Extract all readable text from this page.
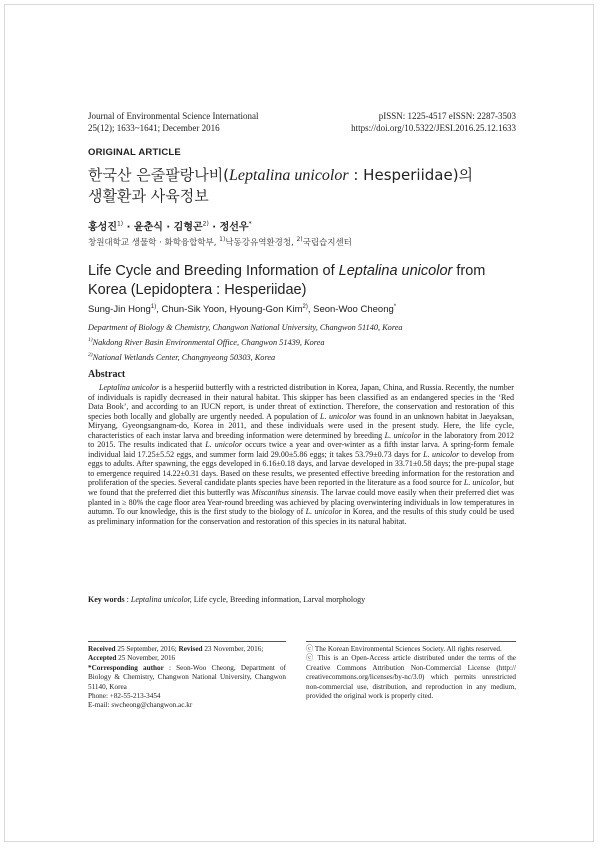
Journal of Environmental Science International
25(12); 1633~1641; December 2016
pISSN: 1225-4517 eISSN: 2287-3503
https://doi.org/10.5322/JESI.2016.25.12.1633
ORIGINAL ARTICLE
한국산 은줄팔랑나비(Leptalina unicolor : Hesperiidae)의
생활환과 사육정보
홍성진$^{1)}$ · 윤춘식 · 김형곤$^{2)}$ · 정선우*
창원대학교 생물학 · 화학융합학부, $^{1)}$낙동강유역환경청, $^{2)}$국립습지센터
Life Cycle and Breeding Information of Leptalina unicolor from
Korea (Lepidoptera : Hesperiidae)
Sung-Jin Hong$^{1)}$, Chun-Sik Yoon, Hyoung-Gon Kim$^{2)}$, Seon-Woo Cheong*
Department of Biology & Chemistry, Changwon National University, Changwon 51140, Korea
$^{1)}$Nakdong River Basin Environmental Office, Changwon 51439, Korea
$^{2)}$National Wetlands Center, Changnyeong 50303, Korea
Abstract

Leptalina unicolor is a hesperiid butterfly with a restricted distribution in Korea, Japan, China, and Russia. Recently, the number of individuals is rapidly decreased in their natural habitat. This skipper has been classified as an endangered species in the ‘Red Data Book’, and according to an IUCN report, is under threat of extinction. Therefore, the conservation and restoration of this species both locally and globally are urgently needed. A population of L. unicolor was found in an unknown habitat in Jaeyaksan, Miryang, Gyeongsangnam-do, Korea in 2011, and these individuals were used in the present study. Here, the life cycle, characteristics of each instar larva and breeding information were determined by breeding L. unicolor in the laboratory from 2012 to 2015. The results indicated that L. unicolor occurs twice a year and over-winter as a fifth instar larva. A spring-form female individual laid 17.25±5.52 eggs, and summer form laid 29.00±5.86 eggs; it takes 53.79±0.73 days for L. unicolor to develop from eggs to adults. After spawning, the eggs developed in 6.16±0.18 days, and larvae developed in 33.71±0.58 days; the pre-pupal stage to emergence required 14.22±0.31 days. Based on these results, we presented effective breeding information for the restoration and proliferation of the species. Several candidate plants species have been reported in the literature as a food source for L. unicolor, but we found that the preferred diet this butterfly was Miscanthus sinensis. The larvae could move easily when their preferred diet was planted in ≥ 80% the cage floor area Year-round breeding was achieved by placing overwintering individuals in low temperatures in autumn. To our knowledge, this is the first study to the biology of L. unicolor in Korea, and the results of this study could be used as preliminary information for the conservation and restoration of this species in its natural habitat.

Key words : Leptalina unicolor, Life cycle, Breeding information, Larval morphology
Received 25 September, 2016; Revised 23 November, 2016;
Accepted 25 November, 2016
*Corresponding author : Seon-Woo Cheong, Department of Biology & Chemistry, Changwon National University, Changwon 51140, Korea
Phone: +82-55-213-3454
E-mail: swcheong@changwon.ac.kr
ⓒ The Korean Environmental Sciences Society. All rights reserved.
ⓒ This is an Open-Access article distributed under the terms of the Creative Commons Attribution Non-Commercial License (http:// creativecommons.org/licenses/by-nc/3.0) which permits unrestricted non-commercial use, distribution, and reproduction in any medium, provided the original work is properly cited.
